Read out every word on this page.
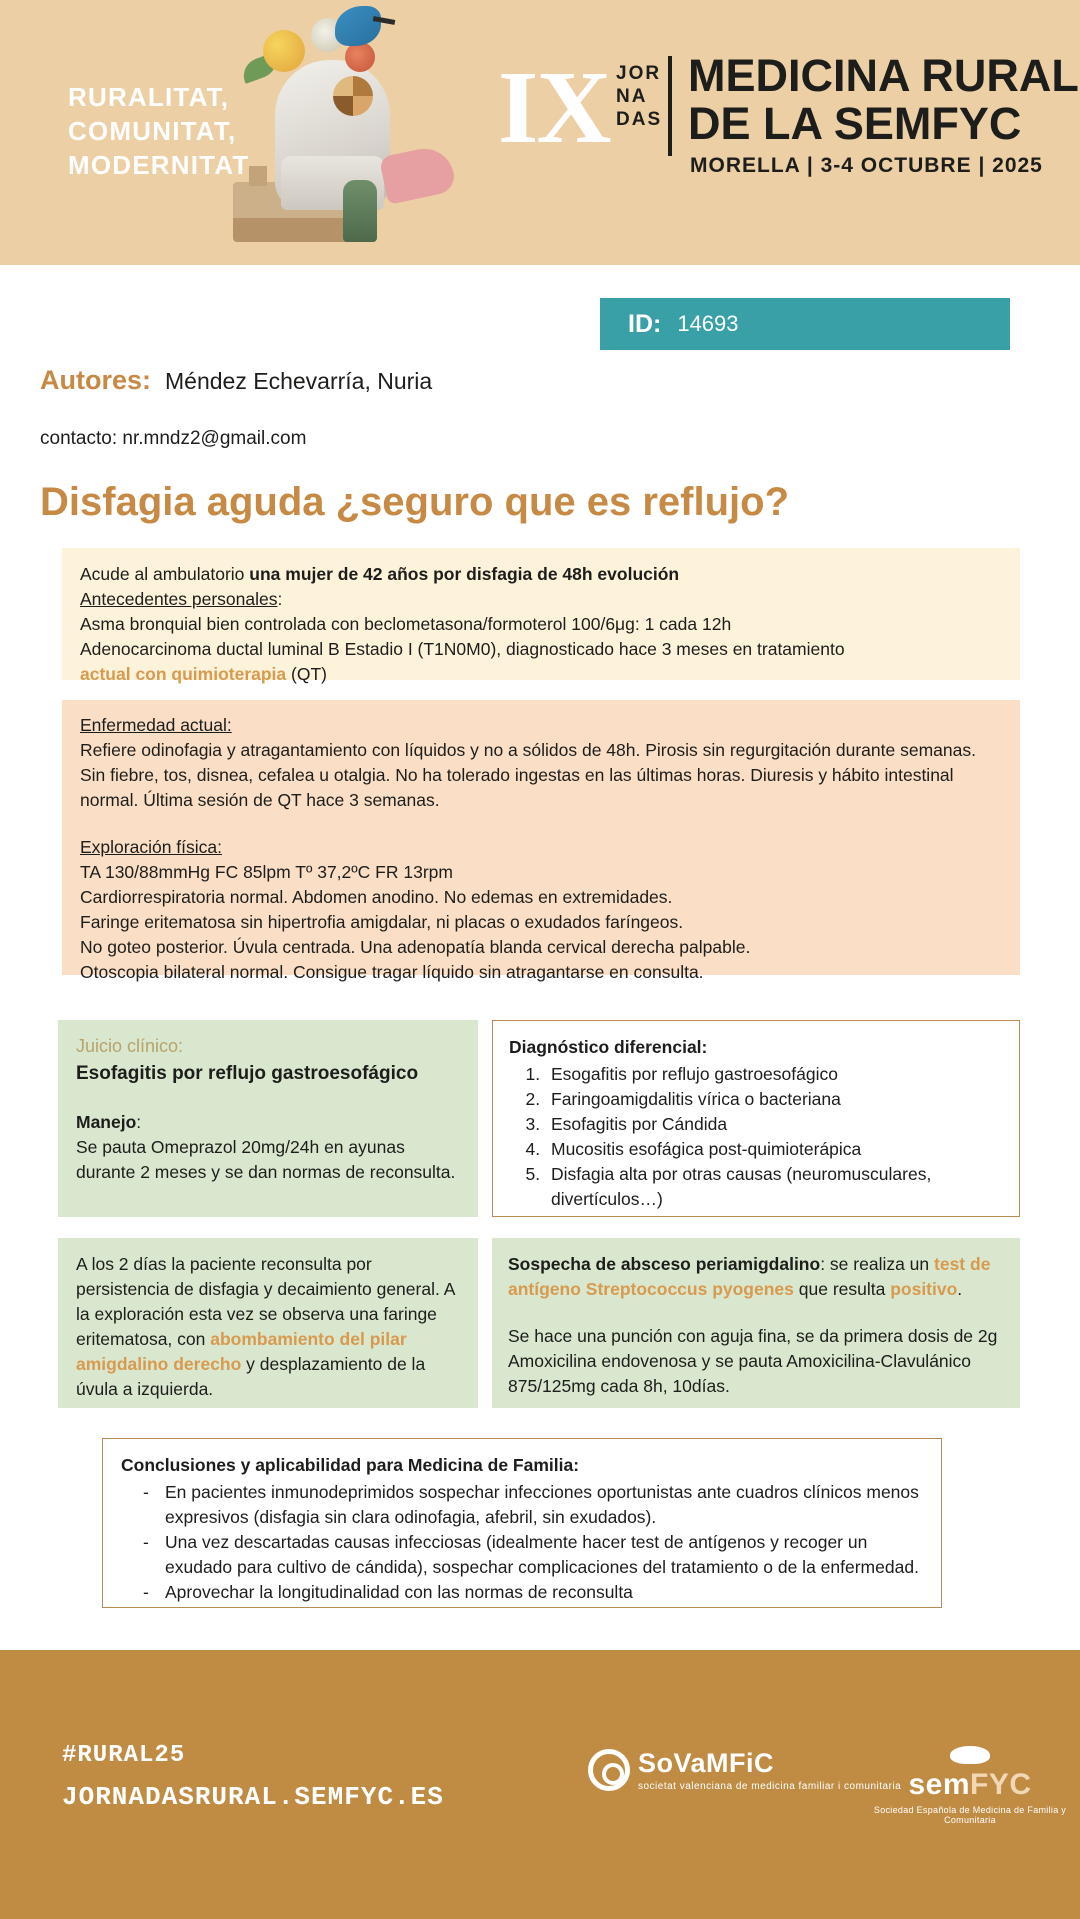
RURALITAT,
COMUNITAT,
MODERNITAT IX JOR
NA
DAS
MEDICINA RURAL
DE LA SEMFYC
MORELLA | 3-4 OCTUBRE | 2025
ID: 14693
Autores: Méndez Echevarría, Nuria
contacto: nr.mndz2@gmail.com
Disfagia aguda ¿seguro que es reflujo?

Acude al ambulatorio una mujer de 42 años por disfagia de 48h evolución

Antecedentes personales:

Asma bronquial bien controlada con beclometasona/formoterol 100/6μg: 1 cada 12h

Adenocarcinoma ductal luminal B Estadio I (T1N0M0), diagnosticado hace 3 meses en tratamiento

actual con quimioterapia (QT)

Enfermedad actual:

Refiere odinofagia y atragantamiento con líquidos y no a sólidos de 48h. Pirosis sin regurgitación durante semanas. Sin fiebre, tos, disnea, cefalea u otalgia. No ha tolerado ingestas en las últimas horas. Diuresis y hábito intestinal normal. Última sesión de QT hace 3 semanas.

Exploración física:

TA 130/88mmHg FC 85lpm Tº 37,2ºC FR 13rpm

Cardiorrespiratoria normal. Abdomen anodino. No edemas en extremidades.

Faringe eritematosa sin hipertrofia amigdalar, ni placas o exudados faríngeos.

No goteo posterior. Úvula centrada. Una adenopatía blanda cervical derecha palpable.

Otoscopia bilateral normal. Consigue tragar líquido sin atragantarse en consulta.

Juicio clínico:

Esofagitis por reflujo gastroesofágico

Manejo:

Se pauta Omeprazol 20mg/24h en ayunas durante 2 meses y se dan normas de reconsulta.

Diagnóstico diferencial:

1. Esogafitis por reflujo gastroesofágico
2. Faringoamigdalitis vírica o bacteriana
3. Esofagitis por Cándida
4. Mucositis esofágica post-quimioterápica
5. Disfagia alta por otras causas (neuromusculares, divertículos…)

A los 2 días la paciente reconsulta por persistencia de disfagia y decaimiento general. A la exploración esta vez se observa una faringe eritematosa, con abombamiento del pilar amigdalino derecho y desplazamiento de la úvula a izquierda.

Sospecha de absceso periamigdalino: se realiza un test de antígeno Streptococcus pyogenes que resulta positivo.

Se hace una punción con aguja fina, se da primera dosis de 2g Amoxicilina endovenosa y se pauta Amoxicilina-Clavulánico 875/125mg cada 8h, 10días.

Conclusiones y aplicabilidad para Medicina de Familia:

- En pacientes inmunodeprimidos sospechar infecciones oportunistas ante cuadros clínicos menos expresivos (disfagia sin clara odinofagia, afebril, sin exudados).
- Una vez descartadas causas infecciosas (idealmente hacer test de antígenos y recoger un exudado para cultivo de cándida), sospechar complicaciones del tratamiento o de la enfermedad.
- Aprovechar la longitudinalidad con las normas de reconsulta
#RURAL25
JORNADASRURAL.SEMFYC.ES
SoVaMFiC
societat valenciana de medicina familiar i comunitaria semFYC
Sociedad Española de Medicina de Familia y Comunitaria
